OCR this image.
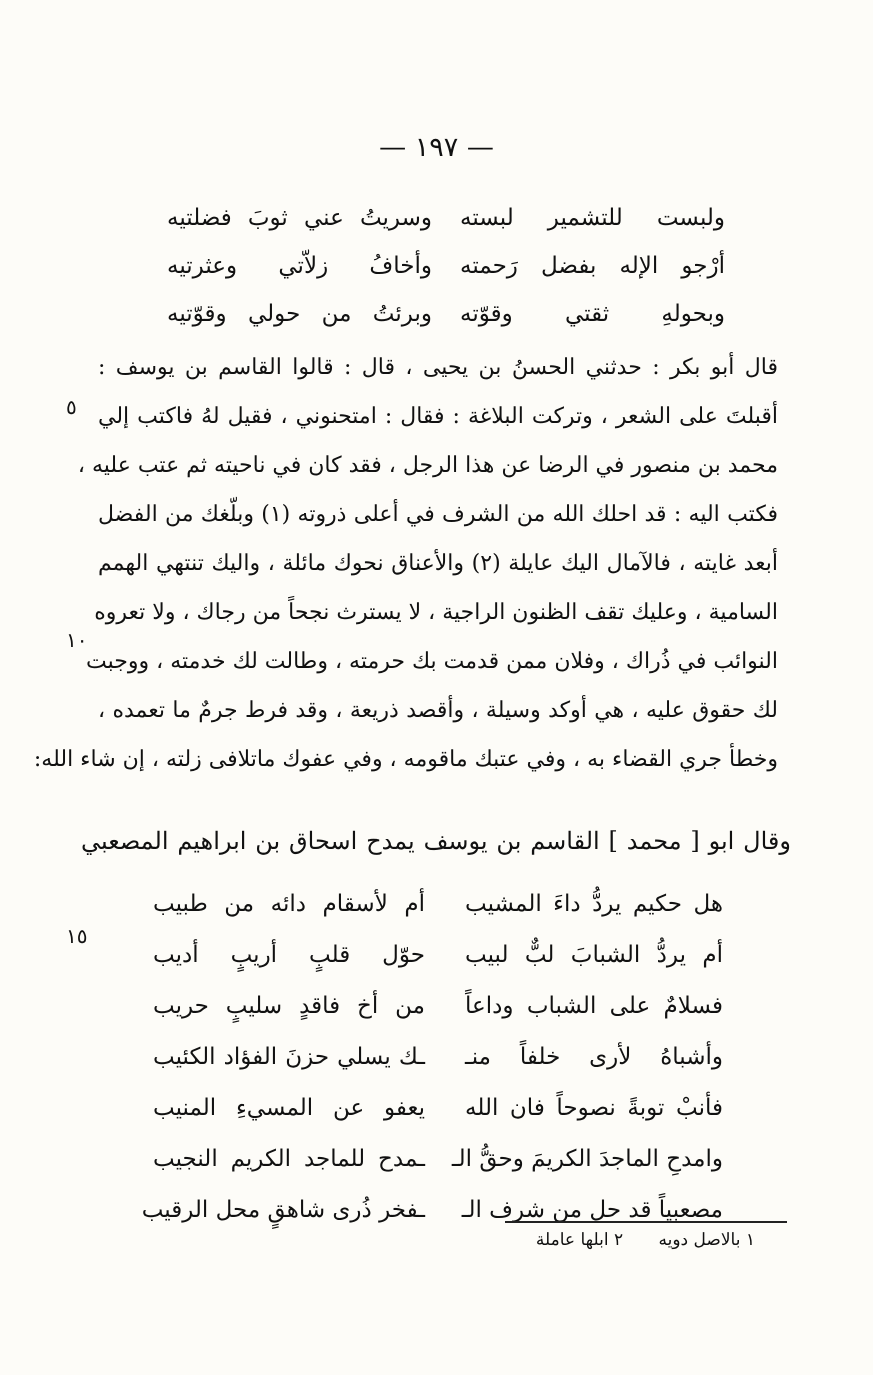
— ١٩٧ —
ولبست للتشمير لبسته
وسريتُ عني ثوبَ فضلتيه
أرْجو الإله بفضل رَحمته
وأخافُ زلاّتي وعثرتيه
وبحولهِ ثقتي وقوّته
وبرئتُ من حولي وقوّتيه
قال أبو بكر : حدثني الحسنُ بن يحيى ، قال : قالوا القاسم بن يوسف :
أقبلتَ على الشعر ، وتركت البلاغة : فقال : امتحنوني ، فقيل لهُ فاكتب إلي
محمد بن منصور في الرضا عن هذا الرجل ، فقد كان في ناحيته ثم عتب عليه ،
فكتب اليه : قد احلك الله من الشرف في أعلى ذروته (١) وبلّغك من الفضل
أبعد غايته ، فالآمال اليك عايلة (٢) والأعناق نحوك مائلة ، واليك تنتهي الهمم
السامية ، وعليك تقف الظنون الراجية ، لا يسترث نجحاً من رجاك ، ولا تعروه
النوائب في ذُراك ، وفلان ممن قدمت بك حرمته ، وطالت لك خدمته ، ووجبت
لك حقوق عليه ، هي أوكد وسيلة ، وأقصد ذريعة ، وقد فرط جرمٌ ما تعمده ،
وخطأ جري القضاء به ، وفي عتبك ماقومه ، وفي عفوك ماتلافى زلته ، إن شاء الله:
٥
١٠
١٥
وقال ابو [ محمد ] القاسم بن يوسف يمدح اسحاق بن ابراهيم المصعبي
هل حكيم يردُّ داءَ المشيب
أم لأسقام دائه من طبيب
أم يردُّ الشبابَ لبٌّ لبيب
حوّل قلبٍ أريبٍ أديب
فسلامٌ على الشباب وداعاً
من أخ فاقدٍ سليبٍ حريب
وأشباهُ لأرى خلفاً منـ
ـك يسلي حزنَ الفؤاد الكئيب
فأنبْ توبةً نصوحاً فان الله
يعفو عن المسيءِ المنيب
وامدحِ الماجدَ الكريمَ وحقُّ الـ
ـمدح للماجد الكريم النجيب
مصعبياً قد حل من شرف الـ
ـفخر ذُرى شاهقٍ محل الرقيب
١ بالاصل دويه ٢ ابلها عاملة
